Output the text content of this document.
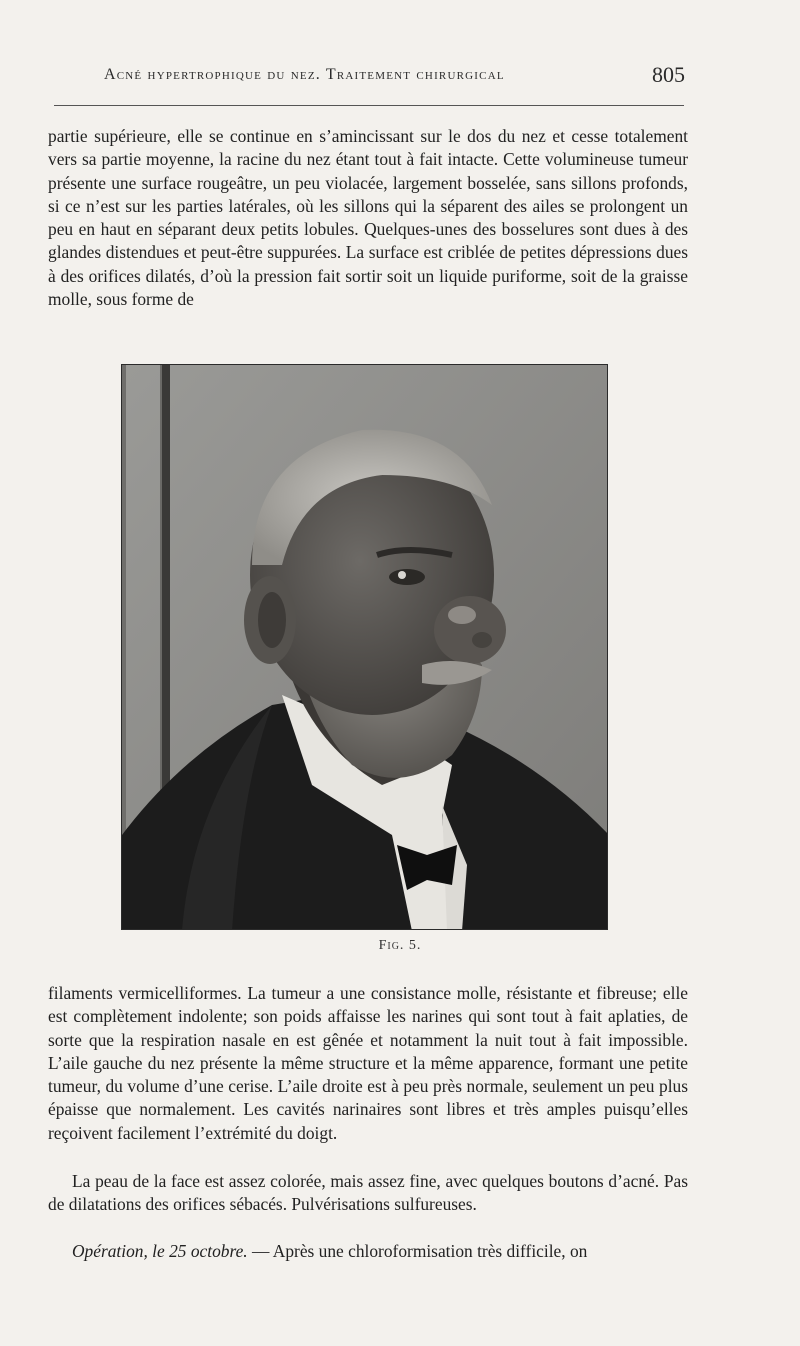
Acné hypertrophique du nez. Traitement chirurgical	805

partie supérieure, elle se continue en s’amincissant sur le dos du nez et cesse totalement vers sa partie moyenne, la racine du nez étant tout à fait intacte. Cette volumineuse tumeur présente une surface rougeâtre, un peu violacée, largement bosselée, sans sillons profonds, si ce n’est sur les parties latérales, où les sillons qui la séparent des ailes se prolongent un peu en haut en séparant deux petits lobules. Quelques-unes des bosselures sont dues à des glandes distendues et peut-être suppurées. La surface est criblée de petites dépressions dues à des orifices dilatés, d’où la pression fait sortir soit un liquide puriforme, soit de la graisse molle, sous forme de

Fig. 5.

filaments vermicelliformes. La tumeur a une consistance molle, résistante et fibreuse; elle est complètement indolente; son poids affaisse les narines qui sont tout à fait aplaties, de sorte que la respiration nasale en est gênée et notamment la nuit tout à fait impossible. L’aile gauche du nez présente la même structure et la même apparence, formant une petite tumeur, du volume d’une cerise. L’aile droite est à peu près normale, seulement un peu plus épaisse que normalement. Les cavités narinaires sont libres et très amples puisqu’elles reçoivent facilement l’extrémité du doigt.

La peau de la face est assez colorée, mais assez fine, avec quelques boutons d’acné. Pas de dilatations des orifices sébacés. Pulvérisations sulfureuses.

Opération, le 25 octobre. — Après une chloroformisation très difficile, on
